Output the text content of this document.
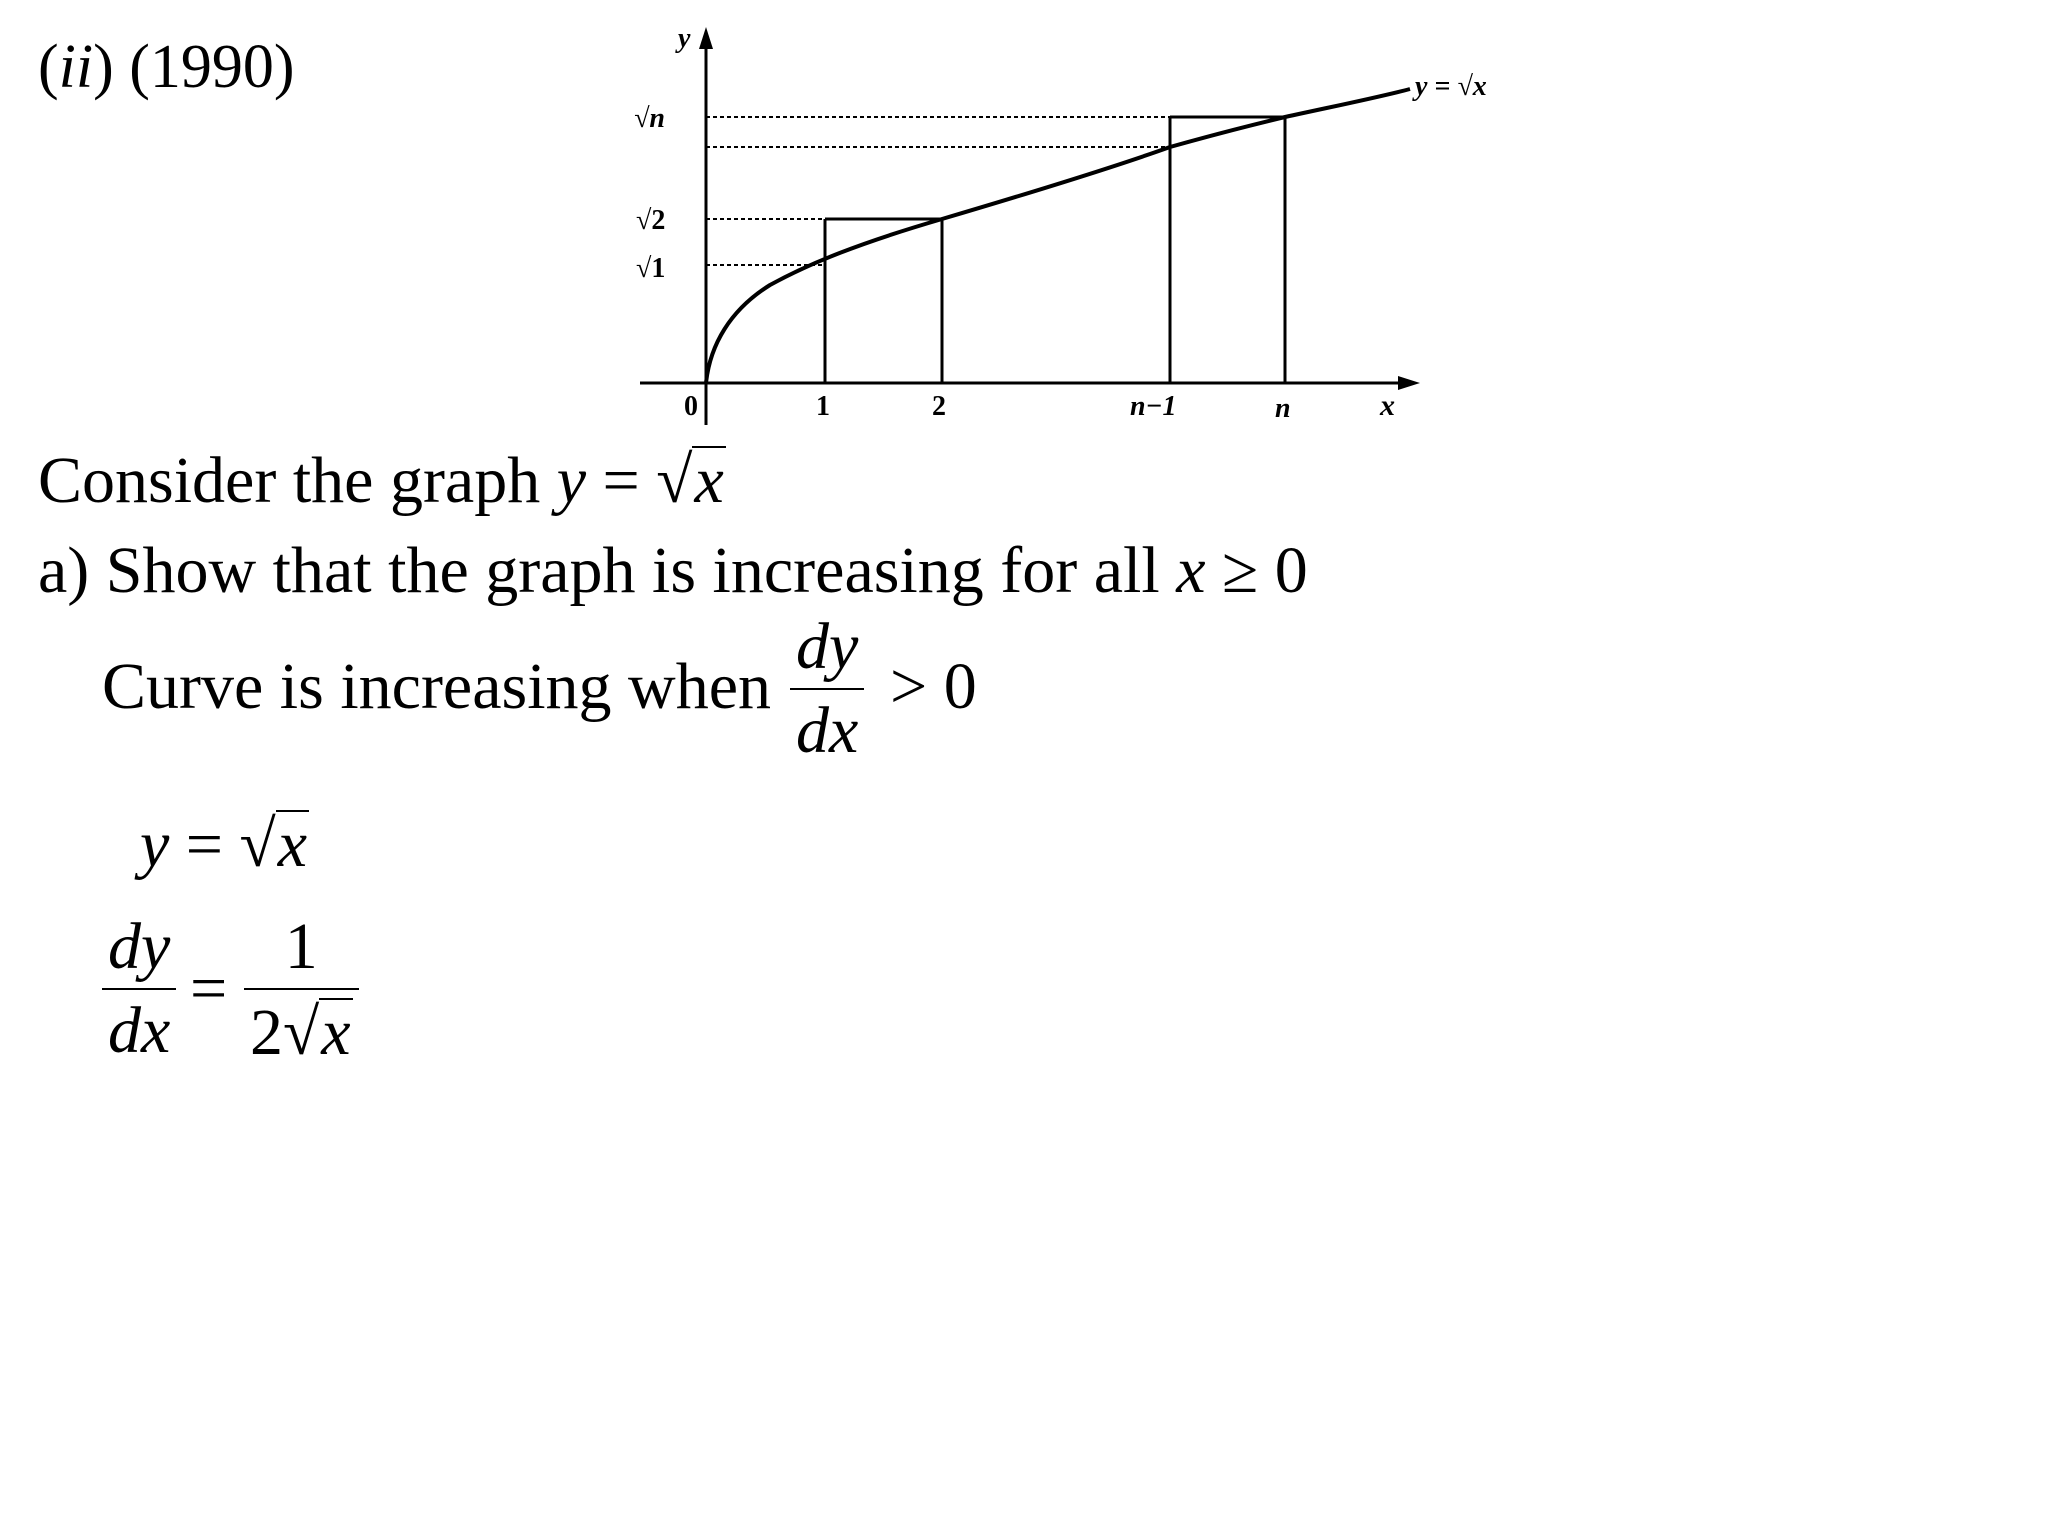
(ii) (1990)	y
x
y = √x
√n
√2
√1
0	1	2	n−1	n
Consider the graph y = √x
a) Show that the graph is increasing for all x ≥ 0
Curve is increasing when
dy
dx
> 0
y = √x
dy
dx
=
1
2√x
